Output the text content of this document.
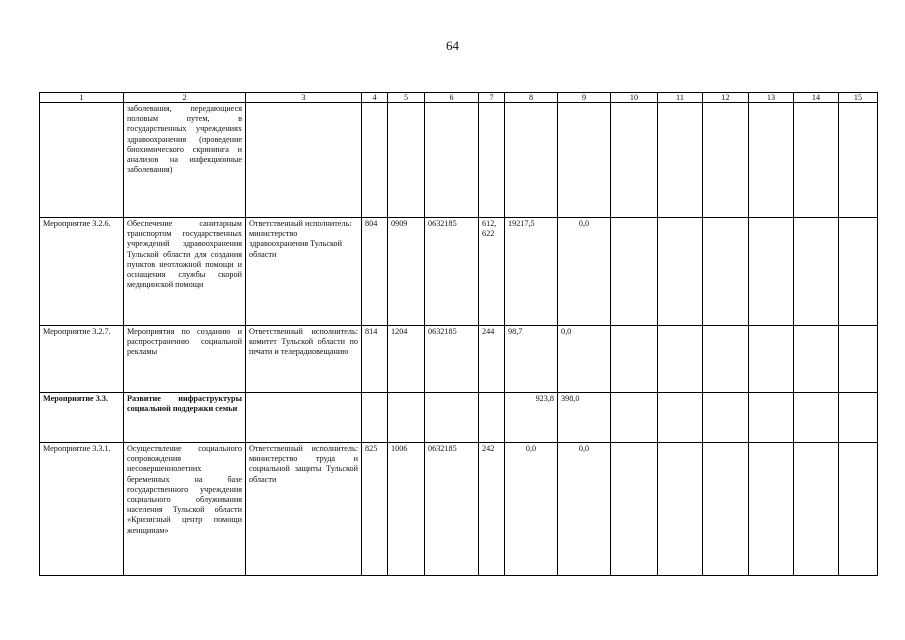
64
1	2	3	4	5	6	7	8	9	10	11	12	13	14	15
	заболевания, передающиеся половым путем, в государственных учреждениях здравоохранения (проведение биохимического скрининга и анализов на инфекционные заболевания)													
Мероприятие 3.2.6.	Обеспечение санитарным транспортом государственных учреждений здравоохранения Тульской области для создания пунктов неотложной помощи и оснащения службы скорой медицинской помощи	Ответственный исполнитель: министерство здравоохранения Тульской области	804	0909	0632185	612, 622	19217,5	0,0						
Мероприятие 3.2.7.	Мероприятия по созданию и распространению социальной рекламы	Ответственный исполнитель: комитет Тульской области по печати и телерадиовещанию	814	1204	0632185	244	98,7	0,0						
Мероприятие 3.3.	Развитие инфраструктуры социальной поддержки семьи						923,8	398,0						
Мероприятие 3.3.1.	Осуществление социального сопровождения несовершеннолетних беременных на базе государственного учреждения социального облуживания населения Тульской области «Кризисный центр помощи женщинам»	Ответственный исполнитель: министерство труда и социальной защиты Тульской области	825	1006	0632185	242	0,0	0,0						
